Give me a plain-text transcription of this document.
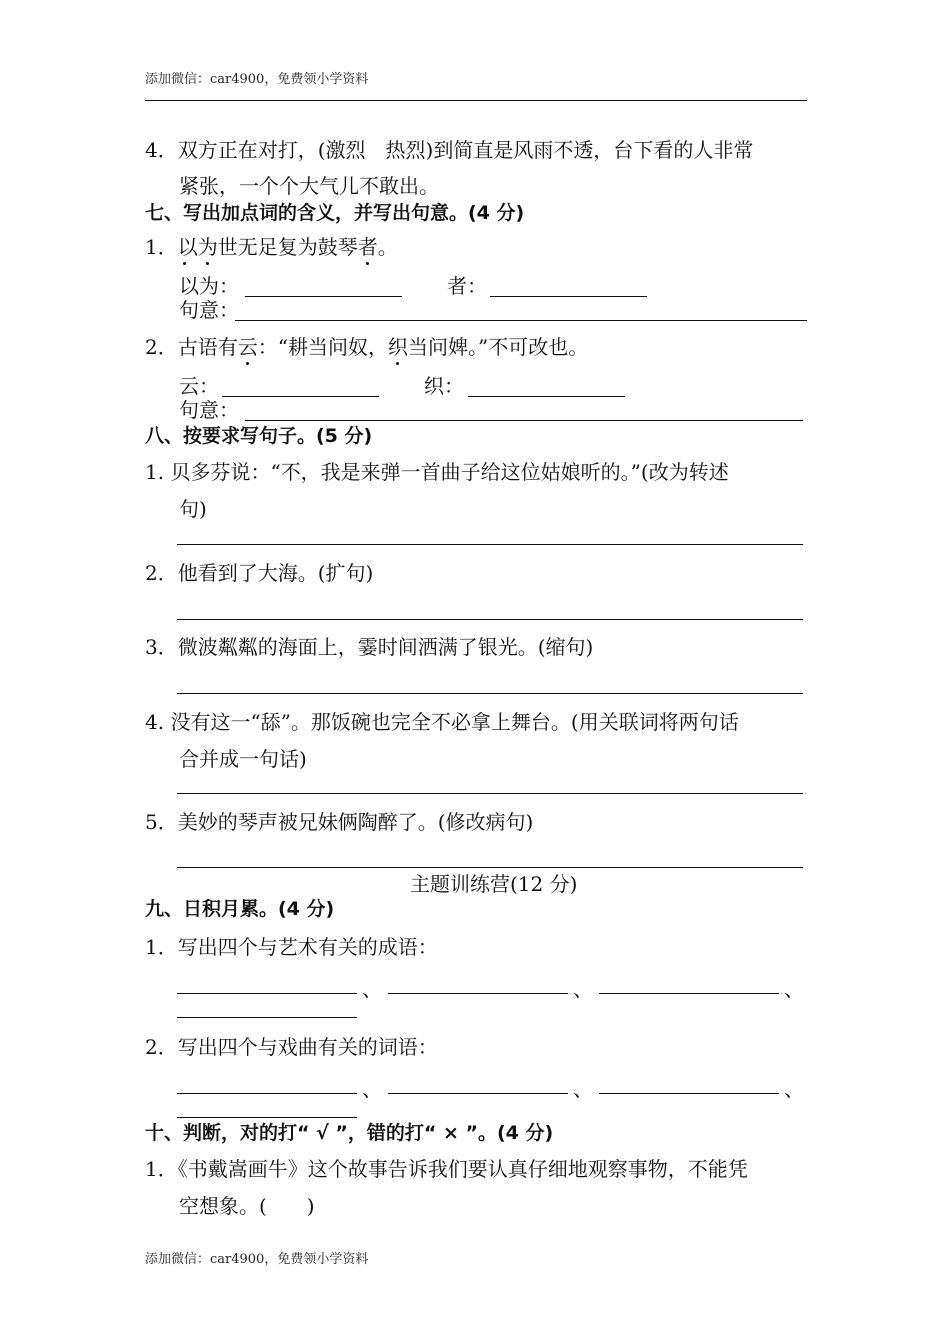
添加微信：car4900，免费领小学资料
4．双方正在对打，(激烈　热烈)到简直是风雨不透，台下看的人非常
紧张，一个个大气儿不敢出。
七、写出加点词的含义，并写出句意。(4 分)
1．以为世无足复为鼓琴者。
以为：	者：
句意：
2．古语有云：“耕当问奴，织当问婢。”不可改也。
云：	织：
句意：
八、按要求写句子。(5 分)
1. 贝多芬说：“不，我是来弹一首曲子给这位姑娘听的。”(改为转述
句)
2．他看到了大海。(扩句)
3．微波粼粼的海面上，霎时间洒满了银光。(缩句)
4. 没有这一“舔”。那饭碗也完全不必拿上舞台。(用关联词将两句话
合并成一句话)
5．美妙的琴声被兄妹俩陶醉了。(修改病句)
主题训练营(12 分)
九、日积月累。(4 分)
1．写出四个与艺术有关的成语：
、	、	、
2．写出四个与戏曲有关的词语：
、	、	、
十、判断，对的打“ √ ”，错的打“ × ”。(4 分)
1．《书戴嵩画牛》这个故事告诉我们要认真仔细地观察事物，不能凭
空想象。(　　)
添加微信：car4900，免费领小学资料
